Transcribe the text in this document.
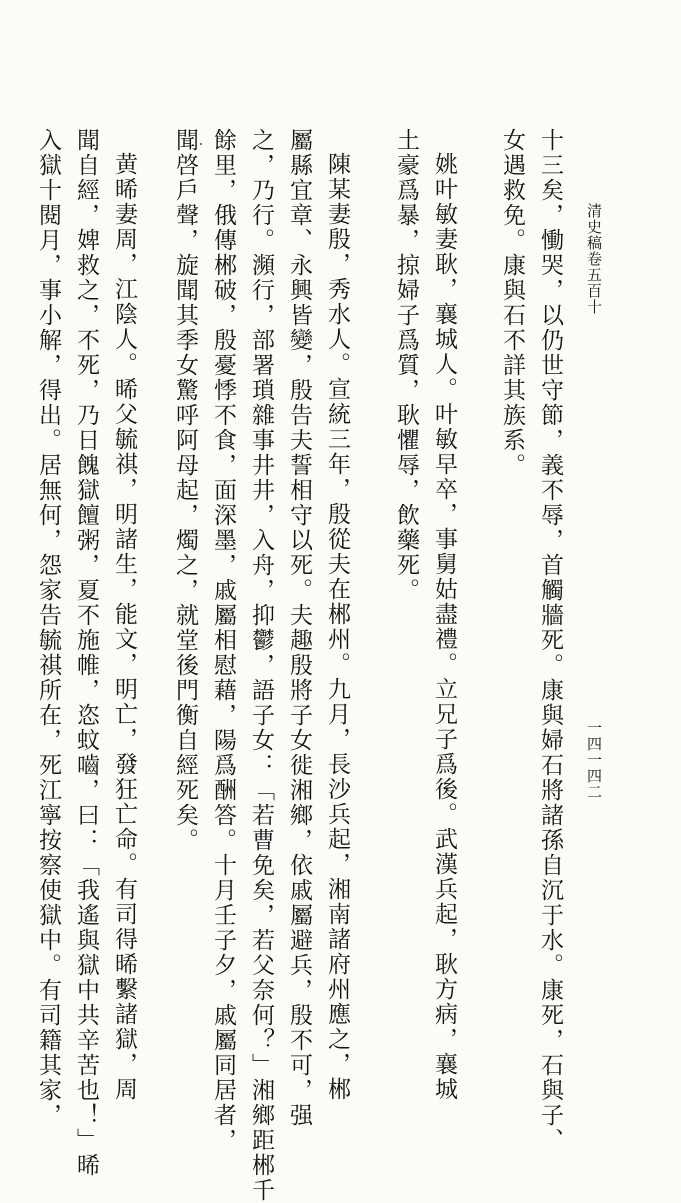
清史稿卷五百十
一四一四二
十三矣，慟哭，以仍世守節，義不辱，首觸牆死。康與婦石將諸孫自沉于水。康死，石與子、
女遇救免。康與石不詳其族系。
姚叶敏妻耿，襄城人。叶敏早卒，事舅姑盡禮。立兄子爲後。武漢兵起，耿方病，襄城
土豪爲暴，掠婦子爲質，耿懼辱，飲藥死。
陳某妻殷，秀水人。宣統三年，殷從夫在郴州。九月，長沙兵起，湘南諸府州應之，郴
屬縣宜章、永興皆變，殷告夫誓相守以死。夫趣殷將子女徙湘鄉，依戚屬避兵，殷不可，强
之，乃行。瀕行，部署瑣雜事井井，入舟，抑鬱，語子女：「若曹免矣，若父奈何？」湘鄉距郴千
餘里，俄傳郴破，殷憂悸不食，面深墨，戚屬相慰藉，陽爲酬答。十月壬子夕，戚屬同居者，
聞啓戶聲，旋聞其季女驚呼阿母起，燭之，就堂後門衡自經死矣。
黄晞妻周，江陰人。晞父毓祺，明諸生，能文，明亡，發狂亡命。有司得晞繫諸獄，周
聞自經，婢救之，不死，乃日餽獄饘粥，夏不施帷，恣蚊嚙，曰：「我遙與獄中共辛苦也！」晞
入獄十閱月，事小解，得出。居無何，怨家告毓祺所在，死江寧按察使獄中。有司籍其家，
